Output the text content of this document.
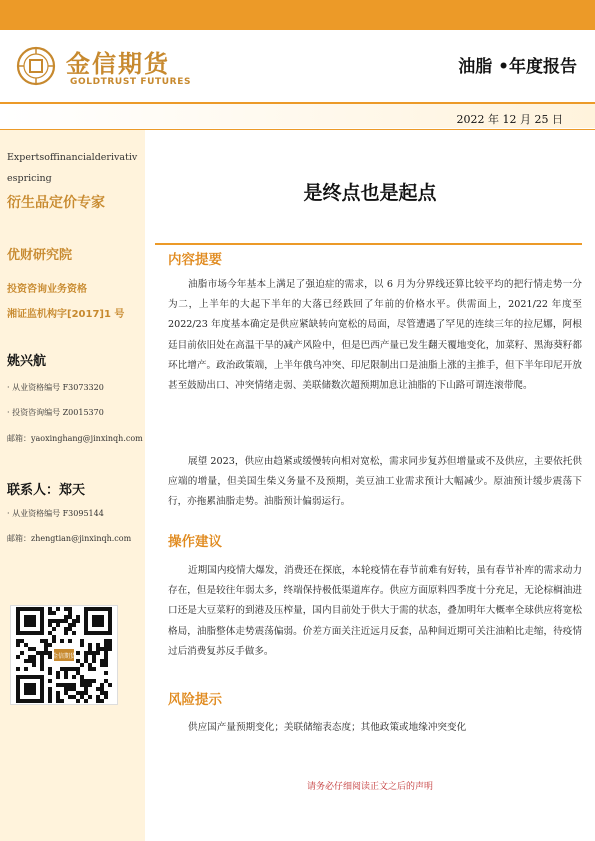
金信期货
GOLDTRUST FUTURES
油脂 •年度报告
2022 年 12 月 25 日
Expertsoffinancialderivativespricing
衍生品定价专家
优财研究院
投资咨询业务资格
湘证监机构字[2017]1 号
姚兴航
· 从业资格编号 F3073320
· 投资咨询编号 Z0015370
邮箱：yaoxinghang@jinxinqh.com
联系人：郑天
· 从业资格编号 F3095144
邮箱：zhengtian@jinxinqh.com
金信期货
是终点也是起点
内容提要
油脂市场今年基本上满足了强迫症的需求，以 6 月为分界线还算比较平均的把行情走势一分为二，上半年的大起下半年的大落已经跌回了年前的价格水平。供需面上，2021/22 年度至 2022/23 年度基本确定是供应紧缺转向宽松的局面，尽管遭遇了罕见的连续三年的拉尼娜，阿根廷目前依旧处在高温干旱的减产风险中，但是巴西产量已发生翻天覆地变化，加菜籽、黑海葵籽都环比增产。政治政策端，上半年俄乌冲突、印尼限制出口是油脂上涨的主推手，但下半年印尼开放甚至鼓励出口、冲突情绪走弱、美联储数次超预期加息让油脂的下山路可谓连滚带爬。
展望 2023，供应由趋紧或缓慢转向相对宽松，需求同步复苏但增量或不及供应，主要依托供应端的增量，但美国生柴义务量不及预期，美豆油工业需求预计大幅减少。原油预计缓步震荡下行，亦拖累油脂走势。油脂预计偏弱运行。
操作建议
近期国内疫情大爆发，消费还在探底，本轮疫情在春节前难有好转，虽有春节补库的需求动力存在，但是较往年弱太多，终端保持极低渠道库存。供应方面原料四季度十分充足，无论棕榈油进口还是大豆菜籽的到港及压榨量，国内目前处于供大于需的状态，叠加明年大概率全球供应将宽松格局，油脂整体走势震荡偏弱。价差方面关注近远月反套，品种间近期可关注油粕比走缩，待疫情过后消费复苏反手做多。
风险提示
供应国产量预期变化；美联储缩表态度；其他政策或地缘冲突变化
请务必仔细阅读正文之后的声明
